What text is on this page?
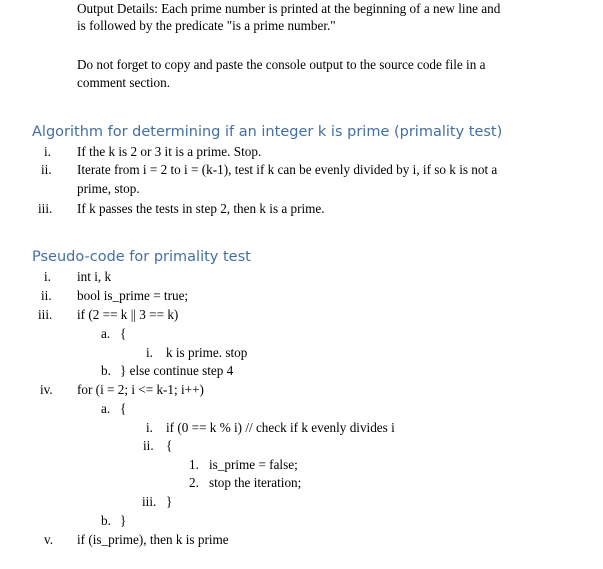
Output Details: Each prime number is printed at the beginning of a new line and
is followed by the predicate "is a prime number."
Do not forget to copy and paste the console output to the source code file in a
comment section.
Algorithm for determining if an integer k is prime (primality test)
i. If the k is 2 or 3 it is a prime. Stop.
ii. Iterate from i = 2 to i = (k-1), test if k can be evenly divided by i, if so k is not a
prime, stop.
iii. If k passes the tests in step 2, then k is a prime.
Pseudo-code for primality test
i. int i, k
ii. bool is_prime = true;
iii. if (2 == k || 3 == k)
a. {
i. k is prime. stop
b. } else continue step 4
iv. for (i = 2; i <= k-1; i++)
a. {
i. if (0 == k % i) // check if k evenly divides i
ii. {
1. is_prime = false;
2. stop the iteration;
iii. }
b. }
v. if (is_prime), then k is prime
